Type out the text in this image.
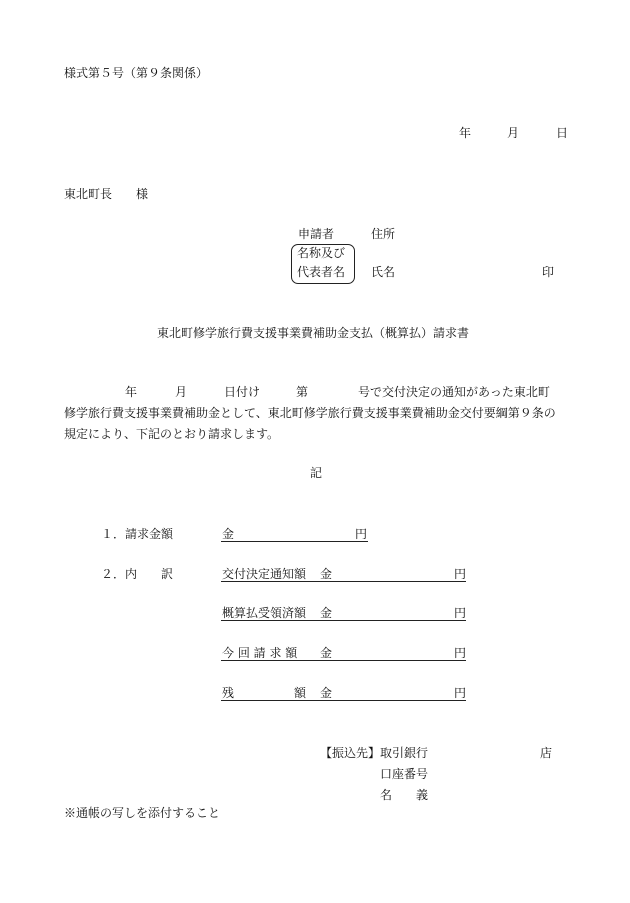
様式第５号（第９条関係）
年	月	日
東北町長　　様
申請者	住所
名称及び
代表者名 氏名	印
東北町修学旅行費支援事業費補助金支払（概算払）請求書
年	月	日付け	第	号で交付決定の通知があった東北町
修学旅行費支援事業費補助金として、東北町修学旅行費支援事業費補助金交付要綱第９条の
規定により、下記のとおり請求します。
記
１．請求金額	金	円
２．内　　訳	交付決定通知額 金	円
概算払受領済額 金	円
今 回 請 求 額 金	円
残	額 金	円
【振込先】 取引銀行	店
口座番号
名　　義
※通帳の写しを添付すること
